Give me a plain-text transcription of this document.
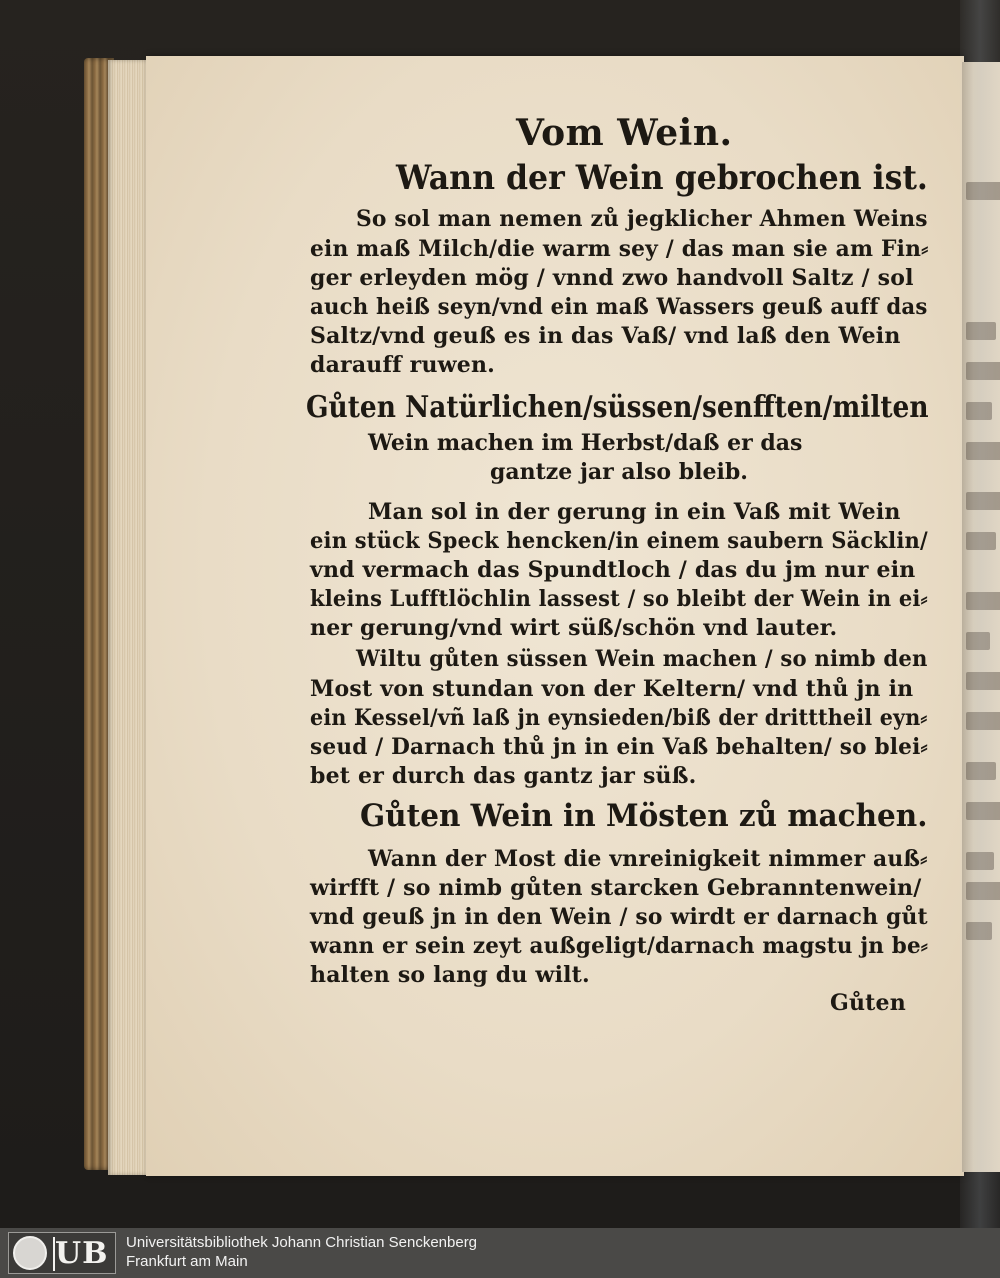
Vom Wein.
Wann der Wein gebrochen ist.
So sol man nemen zů jegklicher Ahmen Weins
ein maß Milch/die warm sey / das man sie am Fin⸗
ger erleyden mög / vnnd zwo handvoll Saltz / sol
auch heiß seyn/vnd ein maß Wassers geuß auff das
Saltz/vnd geuß es in das Vaß/ vnd laß den Wein
darauff ruwen.
Gůten Natürlichen/süssen/senfften/milten
Wein machen im Herbst/daß er das
gantze jar also bleib.
Man sol in der gerung in ein Vaß mit Wein
ein stück Speck hencken/in einem saubern Säcklin/
vnd vermach das Spundtloch / das du jm nur ein
kleins Lufftlöchlin lassest / so bleibt der Wein in ei⸗
ner gerung/vnd wirt süß/schön vnd lauter.
Wiltu gůten süssen Wein machen / so nimb den
Most von stundan von der Keltern/ vnd thů jn in
ein Kessel/vñ laß jn eynsieden/biß der dritttheil eyn⸗
seud / Darnach thů jn in ein Vaß behalten/ so blei⸗
bet er durch das gantz jar süß.
Gůten Wein in Mösten zů machen.
Wann der Most die vnreinigkeit nimmer auß⸗
wirfft / so nimb gůten starcken Gebranntenwein/
vnd geuß jn in den Wein / so wirdt er darnach gůt
wann er sein zeyt außgeligt/darnach magstu jn be⸗
halten so lang du wilt.
Gůten
UB Universitätsbibliothek Johann Christian Senckenberg
Frankfurt am Main
